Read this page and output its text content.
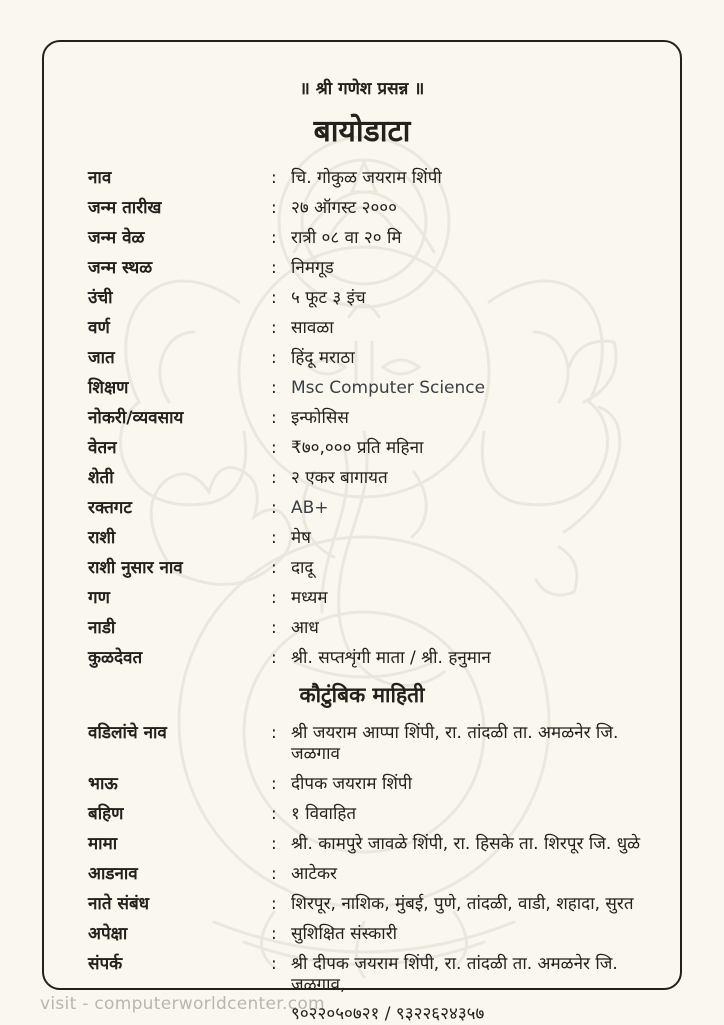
॥ श्री गणेश प्रसन्न ॥
बायोडाटा
नाव	: चि. गोकुळ जयराम शिंपी
जन्म तारीख	: २७ ऑगस्ट २०००
जन्म वेळ	: रात्री ०८ वा २० मि
जन्म स्थळ	: निमगूड
उंची	: ५ फूट ३ इंच
वर्ण	: सावळा
जात	: हिंदू मराठा
शिक्षण	: Msc Computer Science
नोकरी/व्यवसाय	: इन्फोसिस
वेतन	: ₹७०,००० प्रति महिना
शेती	: २ एकर बागायत
रक्तगट	: AB+
राशी	: मेष
राशी नुसार नाव	: दादू
गण	: मध्यम
नाडी	: आध
कुळदेवत	: श्री. सप्तशृंगी माता / श्री. हनुमान
कौटुंबिक माहिती
वडिलांचे नाव	: श्री जयराम आप्पा शिंपी, रा. तांदळी ता. अमळनेर जि. जळगाव
भाऊ	: दीपक जयराम शिंपी
बहिण	: १ विवाहित
मामा	: श्री. कामपुरे जावळे शिंपी, रा. हिसके ता. शिरपूर जि. धुळे
आडनाव	: आटेकर
नाते संबंध	: शिरपूर, नाशिक, मुंबई, पुणे, तांदळी, वाडी, शहादा, सुरत
अपेक्षा	: सुशिक्षित संस्कारी
संपर्क	: श्री दीपक जयराम शिंपी, रा. तांदळी ता. अमळनेर जि. जळगाव,
९०२२०५०७२१ / ९३२२६२४३५७
visit - computerworldcenter.com
